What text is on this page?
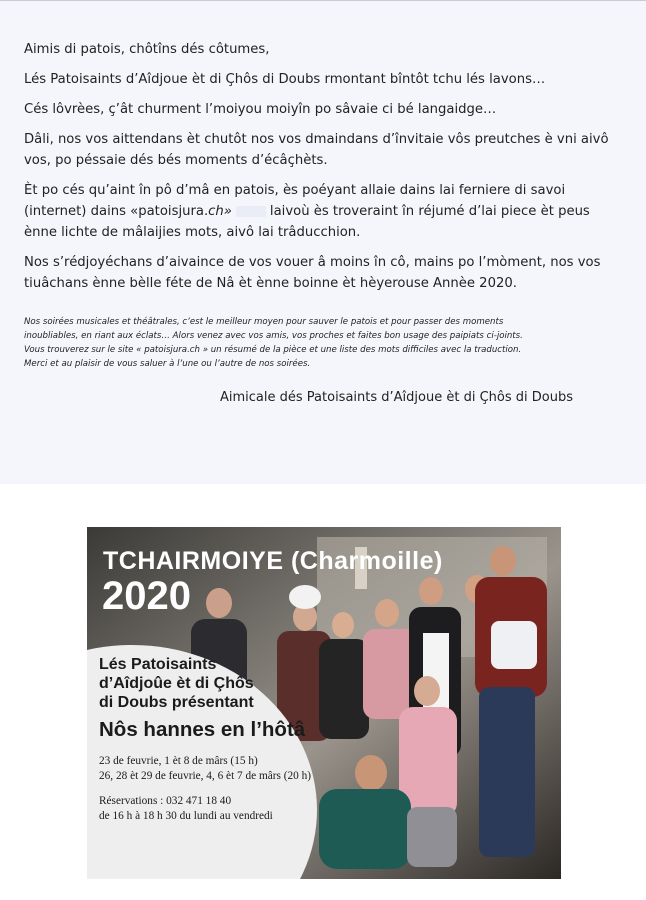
Aimis di patois, chôtîns dés côtumes,

Lés Patoisaints d’Aîdjoue èt di Çhôs di Doubs rmontant bîntôt tchu lés lavons…

Cés lôvrèes, ç’ât churment l’moiyou moiyîn po sâvaie ci bé langaidge…

Dâli, nos vos aittendans èt chutôt nos vos dmaindans d’învitaie vôs preutches è vni aivô vos, po péssaie dés bés moments d’écâçhèts.

Èt po cés qu’aint în pô d’mâ en patois, ès poéyant allaie dains lai ferniere di savoi (internet) dains «patoisjura.ch»	laivoù ès troveraint în réjumé d’lai piece èt peus ènne lichte de mâlaijies mots, aivô lai trâducchion.

Nos s’rédjoyéchans d’aivaince de vos vouer â moins în cô, mains po l’mòment, nos vos tiuâchans ènne bèlle féte de Nâ èt ènne boinne èt hèyerouse Annèe 2020.

Nos soirées musicales et théâtrales, c’est le meilleur moyen pour sauver le patois et pour passer des moments
inoubliables, en riant aux éclats… Alors venez avec vos amis, vos proches et faites bon usage des paipiats ci-joints.
Vous trouverez sur le site « patoisjura.ch » un résumé de la pièce et une liste des mots difficiles avec la traduction.
Merci et au plaisir de vous saluer à l’une ou l’autre de nos soirées.
Aimicale dés Patoisaints d’Aîdjoue èt di Çhôs di Doubs
TCHAIRMOIYE (Charmoille)
2020
Lés Patoisaints
d’Aîdjoûe èt di Çhôs
di Doubs présentant
Nôs hannes en l’hôtâ
23 de feuvrie, 1 èt 8 de mârs (15 h)
26, 28 èt 29 de feuvrie, 4, 6 èt 7 de mârs (20 h)
Réservations : 032 471 18 40
de 16 h à 18 h 30 du lundi au vendredi
